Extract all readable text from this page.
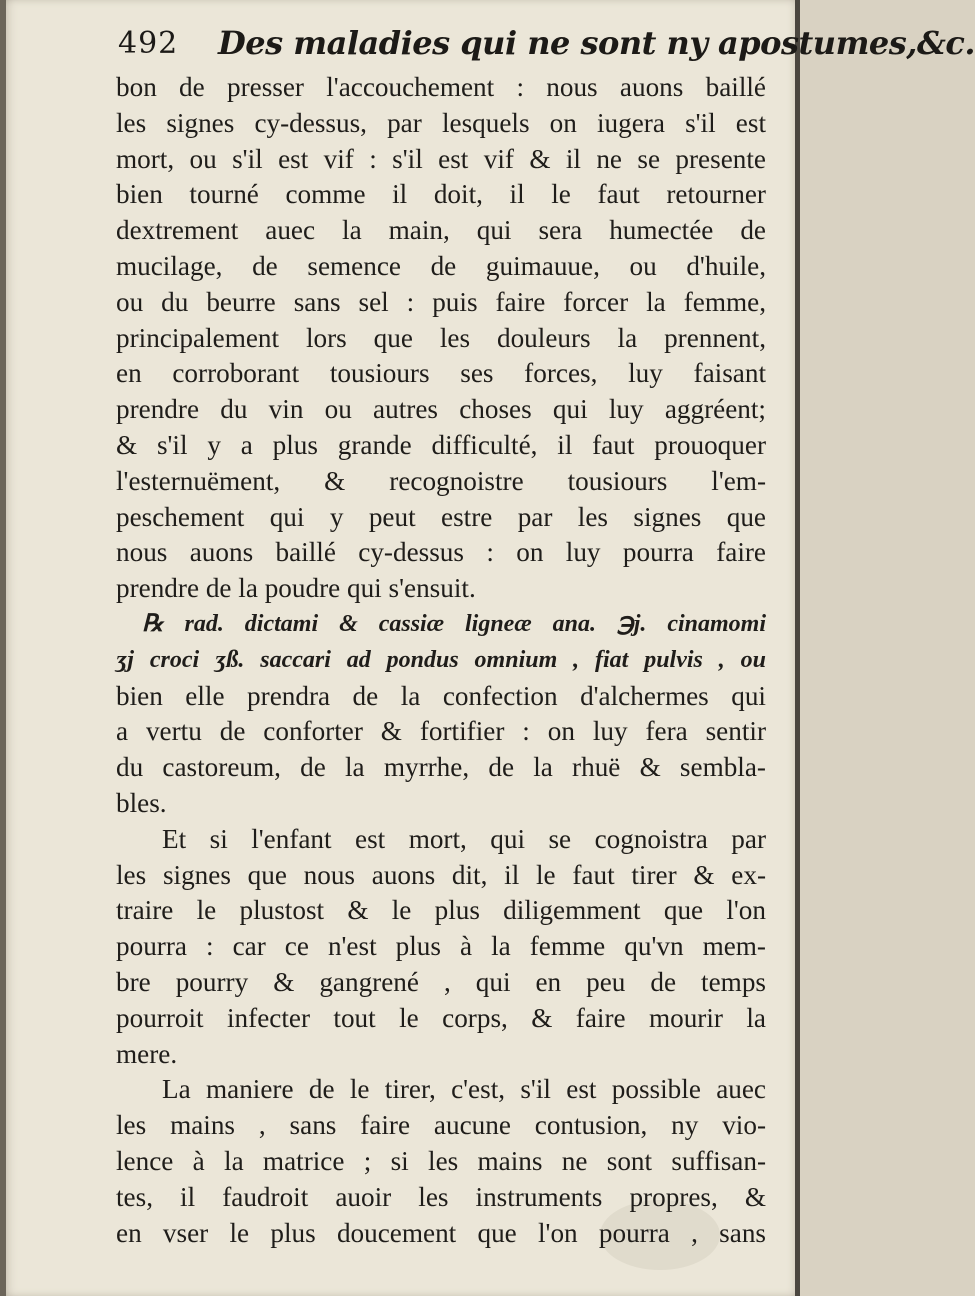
492 Des maladies qui ne sont ny apostumes,&c.
bon de presser l'accouchement : nous auons baillé
les signes cy-dessus, par lesquels on iugera s'il est
mort, ou s'il est vif : s'il est vif & il ne se presente
bien tourné comme il doit, il le faut retourner
dextrement auec la main, qui sera humectée de
mucilage, de semence de guimauue, ou d'huile,
ou du beurre sans sel : puis faire forcer la femme,
principalement lors que les douleurs la prennent,
en corroborant tousiours ses forces, luy faisant
prendre du vin ou autres choses qui luy aggréent;
& s'il y a plus grande difficulté, il faut prouoquer
l'esternuëment, & recognoistre tousiours l'em-
peschement qui y peut estre par les signes que
nous auons baillé cy-dessus : on luy pourra faire
prendre de la poudre qui s'ensuit.
℞ rad. dictami & cassiæ ligneæ ana. ℈j. cinamomi
ʒj croci ʒß. saccari ad pondus omnium , fiat pulvis , ou
bien elle prendra de la confection d'alchermes qui
a vertu de conforter & fortifier : on luy fera sentir
du castoreum, de la myrrhe, de la rhuë & sembla-
bles.
Et si l'enfant est mort, qui se cognoistra par
les signes que nous auons dit, il le faut tirer & ex-
traire le plustost & le plus diligemment que l'on
pourra : car ce n'est plus à la femme qu'vn mem-
bre pourry & gangrené , qui en peu de temps
pourroit infecter tout le corps, & faire mourir la
mere.
La maniere de le tirer, c'est, s'il est possible auec
les mains , sans faire aucune contusion, ny vio-
lence à la matrice ; si les mains ne sont suffisan-
tes, il faudroit auoir les instruments propres, &
en vser le plus doucement que l'on pourra , sans
